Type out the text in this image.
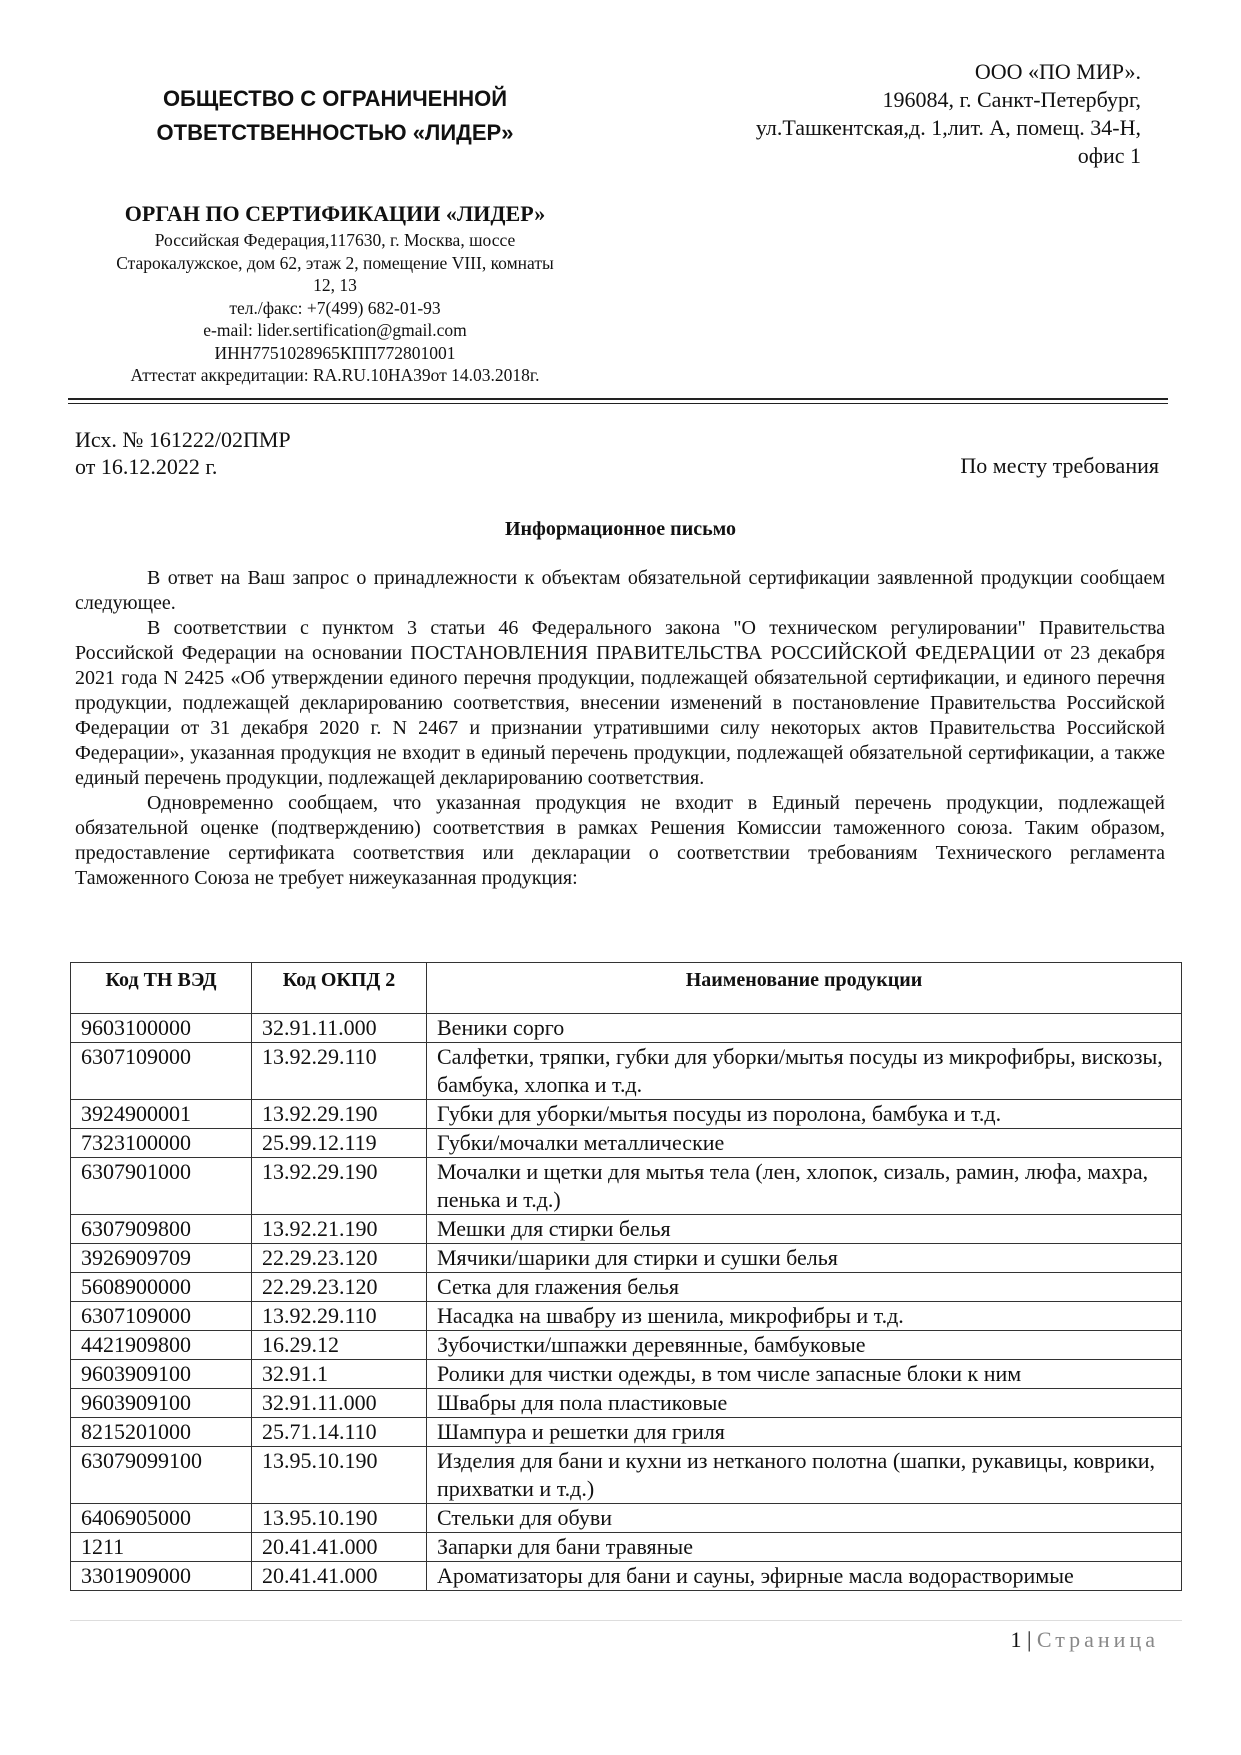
ОБЩЕСТВО С ОГРАНИЧЕННОЙ
ОТВЕТСТВЕННОСТЬЮ «ЛИДЕР»
ООО «ПО МИР».
196084, г. Санкт-Петербург,
ул.Ташкентская,д. 1,лит. А, помещ. 34-Н,
офис 1
ОРГАН ПО СЕРТИФИКАЦИИ «ЛИДЕР»
Российская Федерация,117630, г. Москва, шоссе
Старокалужское, дом 62, этаж 2, помещение VIII, комнаты
12, 13
тел./факс: +7(499) 682-01-93
e-mail: lider.sertification@gmail.com
ИНН7751028965КПП772801001
Аттестат аккредитации: RA.RU.10НА39от 14.03.2018г.
Исх. № 161222/02ПМР
от 16.12.2022 г.	По месту требования
Информационное письмо

В ответ на Ваш запрос о принадлежности к объектам обязательной сертификации заявленной продукции сообщаем следующее.

В соответствии с пунктом 3 статьи 46 Федерального закона "О техническом регулировании" Правительства Российской Федерации на основании ПОСТАНОВЛЕНИЯ ПРАВИТЕЛЬСТВА РОССИЙСКОЙ ФЕДЕРАЦИИ от 23 декабря 2021 года N 2425 «Об утверждении единого перечня продукции, подлежащей обязательной сертификации, и единого перечня продукции, подлежащей декларированию соответствия, внесении изменений в постановление Правительства Российской Федерации от 31 декабря 2020 г. N 2467 и признании утратившими силу некоторых актов Правительства Российской Федерации», указанная продукция не входит в единый перечень продукции, подлежащей обязательной сертификации, а также единый перечень продукции, подлежащей декларированию соответствия.

Одновременно сообщаем, что указанная продукция не входит в Единый перечень продукции, подлежащей обязательной оценке (подтверждению) соответствия в рамках Решения Комиссии таможенного союза. Таким образом, предоставление сертификата соответствия или декларации о соответствии требованиям Технического регламента Таможенного Союза не требует нижеуказанная продукция:

Код ТН ВЭД	Код ОКПД 2	Наименование продукции
9603100000	32.91.11.000	Веники сорго
6307109000	13.92.29.110	Салфетки, тряпки, губки для уборки/мытья посуды из микрофибры, вискозы, бамбука, хлопка и т.д.
3924900001	13.92.29.190	Губки для уборки/мытья посуды из поролона, бамбука и т.д.
7323100000	25.99.12.119	Губки/мочалки металлические
6307901000	13.92.29.190	Мочалки и щетки для мытья тела (лен, хлопок, сизаль, рамин, люфа, махра, пенька и т.д.)
6307909800	13.92.21.190	Мешки для стирки белья
3926909709	22.29.23.120	Мячики/шарики для стирки и сушки белья
5608900000	22.29.23.120	Сетка для глажения белья
6307109000	13.92.29.110	Насадка на швабру из шенила, микрофибры и т.д.
4421909800	16.29.12	Зубочистки/шпажки деревянные, бамбуковые
9603909100	32.91.1	Ролики для чистки одежды, в том числе запасные блоки к ним
9603909100	32.91.11.000	Швабры для пола пластиковые
8215201000	25.71.14.110	Шампура и решетки для гриля
63079099100	13.95.10.190	Изделия для бани и кухни из нетканого полотна (шапки, рукавицы, коврики, прихватки и т.д.)
6406905000	13.95.10.190	Стельки для обуви
1211	20.41.41.000	Запарки для бани травяные
3301909000	20.41.41.000	Ароматизаторы для бани и сауны, эфирные масла водорастворимые
1 | Страница
